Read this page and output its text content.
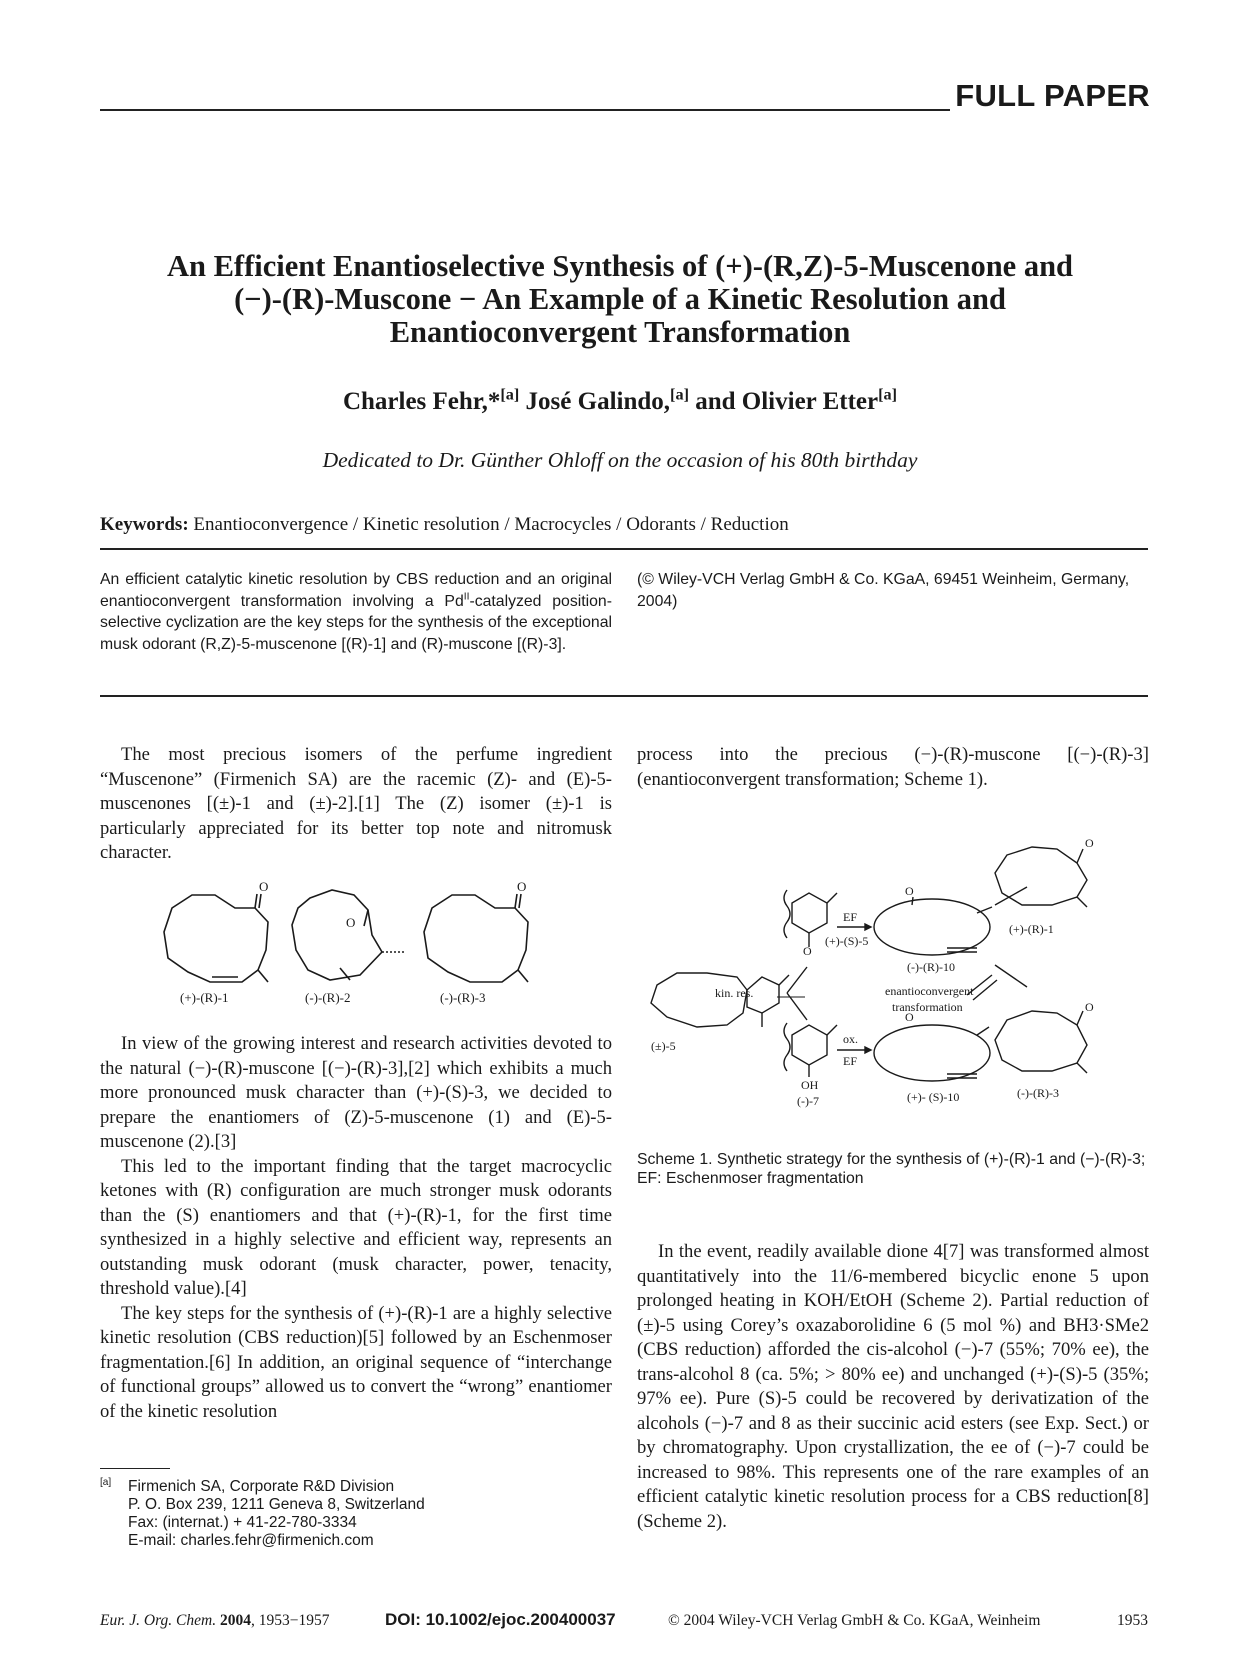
FULL PAPER
An Efficient Enantioselective Synthesis of (+)-(R,Z)-5-Muscenone and
(−)-(R)-Muscone − An Example of a Kinetic Resolution and
Enantioconvergent Transformation
Charles Fehr,*[a] José Galindo,[a] and Olivier Etter[a]
Dedicated to Dr. Günther Ohloff on the occasion of his 80th birthday
Keywords: Enantioconvergence / Kinetic resolution / Macrocycles / Odorants / Reduction
An efficient catalytic kinetic resolution by CBS reduction and an original enantioconvergent transformation involving a $Pd^{II}$-catalyzed position-selective cyclization are the key steps for the synthesis of the exceptional musk odorant (R,Z)-5-muscenone [(R)-1] and (R)-muscone [(R)-3].
(© Wiley-VCH Verlag GmbH & Co. KGaA, 69451 Weinheim, Germany, 2004)

The most precious isomers of the perfume ingredient “Muscenone” (Firmenich SA) are the racemic (Z)- and (E)-5-muscenones [(±)-1 and (±)-2].[1] The (Z) isomer (±)-1 is particularly appreciated for its better top note and nitromusk character.

O
O
O
(+)-(R)-1	(-)-(R)-2	(-)-(R)-3

In view of the growing interest and research activities devoted to the natural (−)-(R)-muscone [(−)-(R)-3],[2] which exhibits a much more pronounced musk character than (+)-(S)-3, we decided to prepare the enantiomers of (Z)-5-muscenone (1) and (E)-5-muscenone (2).[3]

This led to the important finding that the target macrocyclic ketones with (R) configuration are much stronger musk odorants than the (S) enantiomers and that (+)-(R)-1, for the first time synthesized in a highly selective and efficient way, represents an outstanding musk odorant (musk character, power, tenacity, threshold value).[4]

The key steps for the synthesis of (+)-(R)-1 are a highly selective kinetic resolution (CBS reduction)[5] followed by an Eschenmoser fragmentation.[6] In addition, an original sequence of “interchange of functional groups” allowed us to convert the “wrong” enantiomer of the kinetic resolution

process into the precious (−)-(R)-muscone [(−)-(R)-3] (enantioconvergent transformation; Scheme 1).

(±)-5
kin. res.
O
(+)-(S)-5
EF
O
(-)-(R)-10
(+)-(R)-1
O
enantioconvergent
transformation	O
(-)-(R)-3
ox.
EF
OH
(-)-7
O
(+)- (S)-10
Scheme 1. Synthetic strategy for the synthesis of (+)-(R)-1 and (−)-(R)-3; EF: Eschenmoser fragmentation

In the event, readily available dione 4[7] was transformed almost quantitatively into the 11/6-membered bicyclic enone 5 upon prolonged heating in KOH/EtOH (Scheme 2). Partial reduction of (±)-5 using Corey’s oxazaborolidine 6 (5 mol %) and BH3·SMe2 (CBS reduction) afforded the cis-alcohol (−)-7 (55%; 70% ee), the trans-alcohol 8 (ca. 5%; > 80% ee) and unchanged (+)-(S)-5 (35%; 97% ee). Pure (S)-5 could be recovered by derivatization of the alcohols (−)-7 and 8 as their succinic acid esters (see Exp. Sect.) or by chromatography. Upon crystallization, the ee of (−)-7 could be increased to 98%. This represents one of the rare examples of an efficient catalytic kinetic resolution process for a CBS reduction[8] (Scheme 2).

[a] Firmenich SA, Corporate R&D Division
P. O. Box 239, 1211 Geneva 8, Switzerland
Fax: (internat.) + 41-22-780-3334
E-mail: charles.fehr@firmenich.com
Eur. J. Org. Chem. 2004, 1953−1957	DOI: 10.1002/ejoc.200400037	© 2004 Wiley-VCH Verlag GmbH & Co. KGaA, Weinheim	1953
